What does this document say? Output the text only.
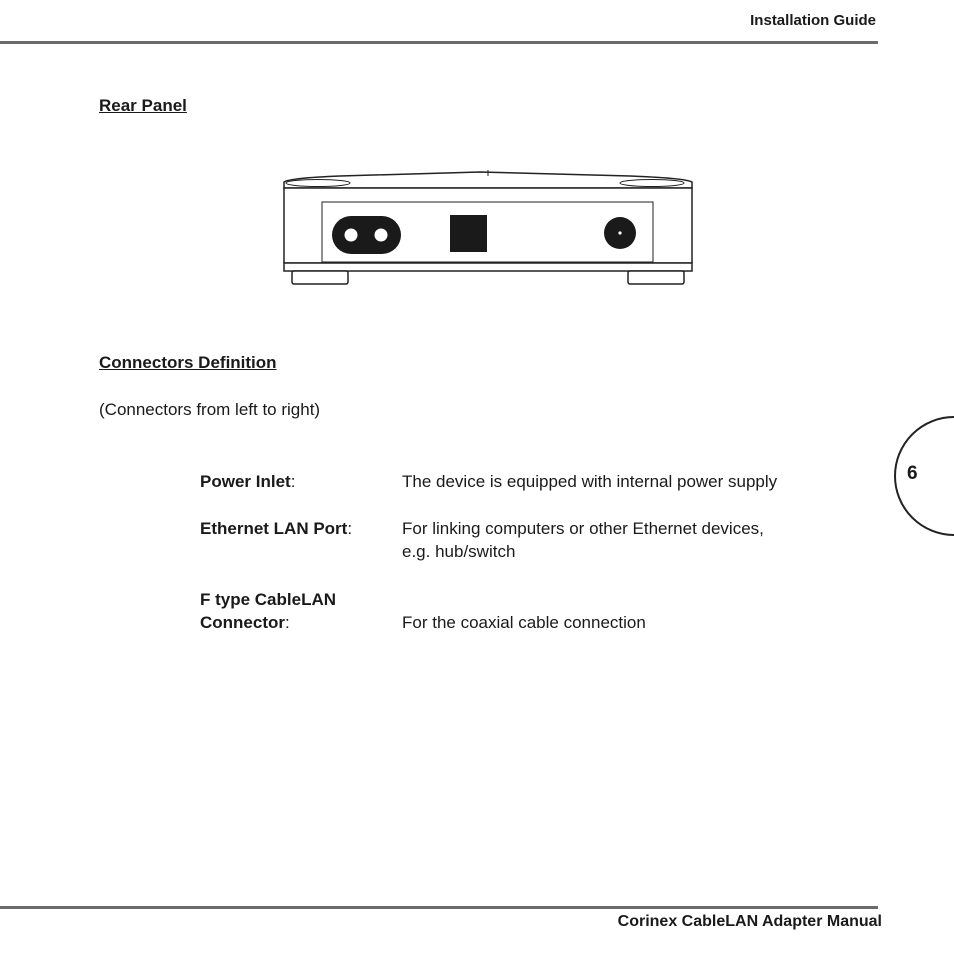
Installation Guide
Rear Panel
Connectors Definition
(Connectors from left to right)
Power Inlet:	The device is equipped with internal power supply
Ethernet LAN Port:	For linking computers or other Ethernet devices,
e.g. hub/switch
F type CableLAN
Connector:	For the coaxial cable connection
6
Corinex CableLAN Adapter Manual
